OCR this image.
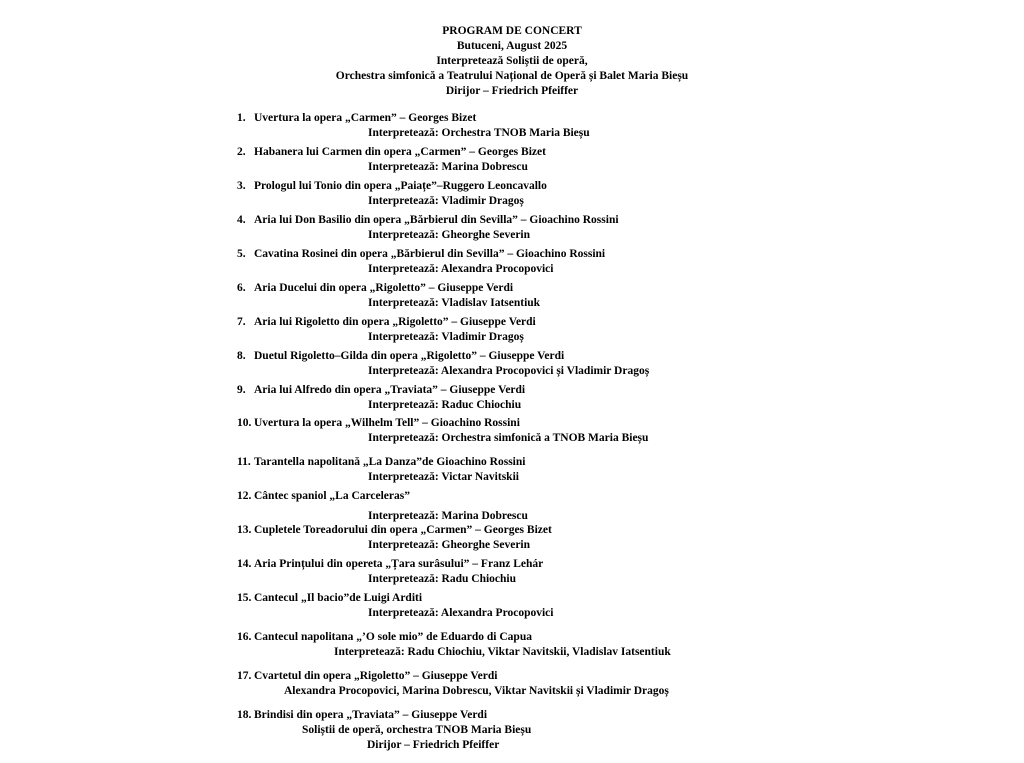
PROGRAM DE CONCERT
Butuceni, August 2025
Interpretează Soliștii de operă,
Orchestra simfonică a Teatrului Național de Operă și Balet Maria Bieșu
Dirijor – Friedrich Pfeiffer
1. Uvertura la opera „Carmen” – Georges Bizet
Interpretează: Orchestra TNOB Maria Bieșu
2. Habanera lui Carmen din opera „Carmen” – Georges Bizet
Interpretează: Marina Dobrescu
3. Prologul lui Tonio din opera „Paiațe”–Ruggero Leoncavallo
Interpretează: Vladimir Dragoș
4. Aria lui Don Basilio din opera „Bărbierul din Sevilla” – Gioachino Rossini
Interpretează: Gheorghe Severin
5. Cavatina Rosinei din opera „Bărbierul din Sevilla” – Gioachino Rossini
Interpretează: Alexandra Procopovici
6. Aria Ducelui din opera „Rigoletto” – Giuseppe Verdi
Interpretează: Vladislav Iatsentiuk
7. Aria lui Rigoletto din opera „Rigoletto” – Giuseppe Verdi
Interpretează: Vladimir Dragoș
8. Duetul Rigoletto–Gilda din opera „Rigoletto” – Giuseppe Verdi
Interpretează: Alexandra Procopovici și Vladimir Dragoș
9. Aria lui Alfredo din opera „Traviata” – Giuseppe Verdi
Interpretează: Raduc Chiochiu
10. Uvertura la opera „Wilhelm Tell” – Gioachino Rossini
Interpretează: Orchestra simfonică a TNOB Maria Bieșu
11. Tarantella napolitană „La Danza”de Gioachino Rossini
Interpretează: Victar Navitskii
12. Cântec spaniol „La Carceleras”
Interpretează: Marina Dobrescu
13. Cupletele Toreadorului din opera „Carmen” – Georges Bizet
Interpretează: Gheorghe Severin
14. Aria Prințului din opereta „Țara surâsului” – Franz Lehár
Interpretează: Radu Chiochiu
15. Cantecul „Il bacio”de Luigi Arditi
Interpretează: Alexandra Procopovici
16. Cantecul napolitana „’O sole mio” de Eduardo di Capua
Interpretează: Radu Chiochiu, Viktar Navitskii, Vladislav Iatsentiuk
17. Cvartetul din opera „Rigoletto” – Giuseppe Verdi
Alexandra Procopovici, Marina Dobrescu, Viktar Navitskii și Vladimir Dragoș
18. Brindisi din opera „Traviata” – Giuseppe Verdi
Soliștii de operă, orchestra TNOB Maria Bieșu
Dirijor – Friedrich Pfeiffer
